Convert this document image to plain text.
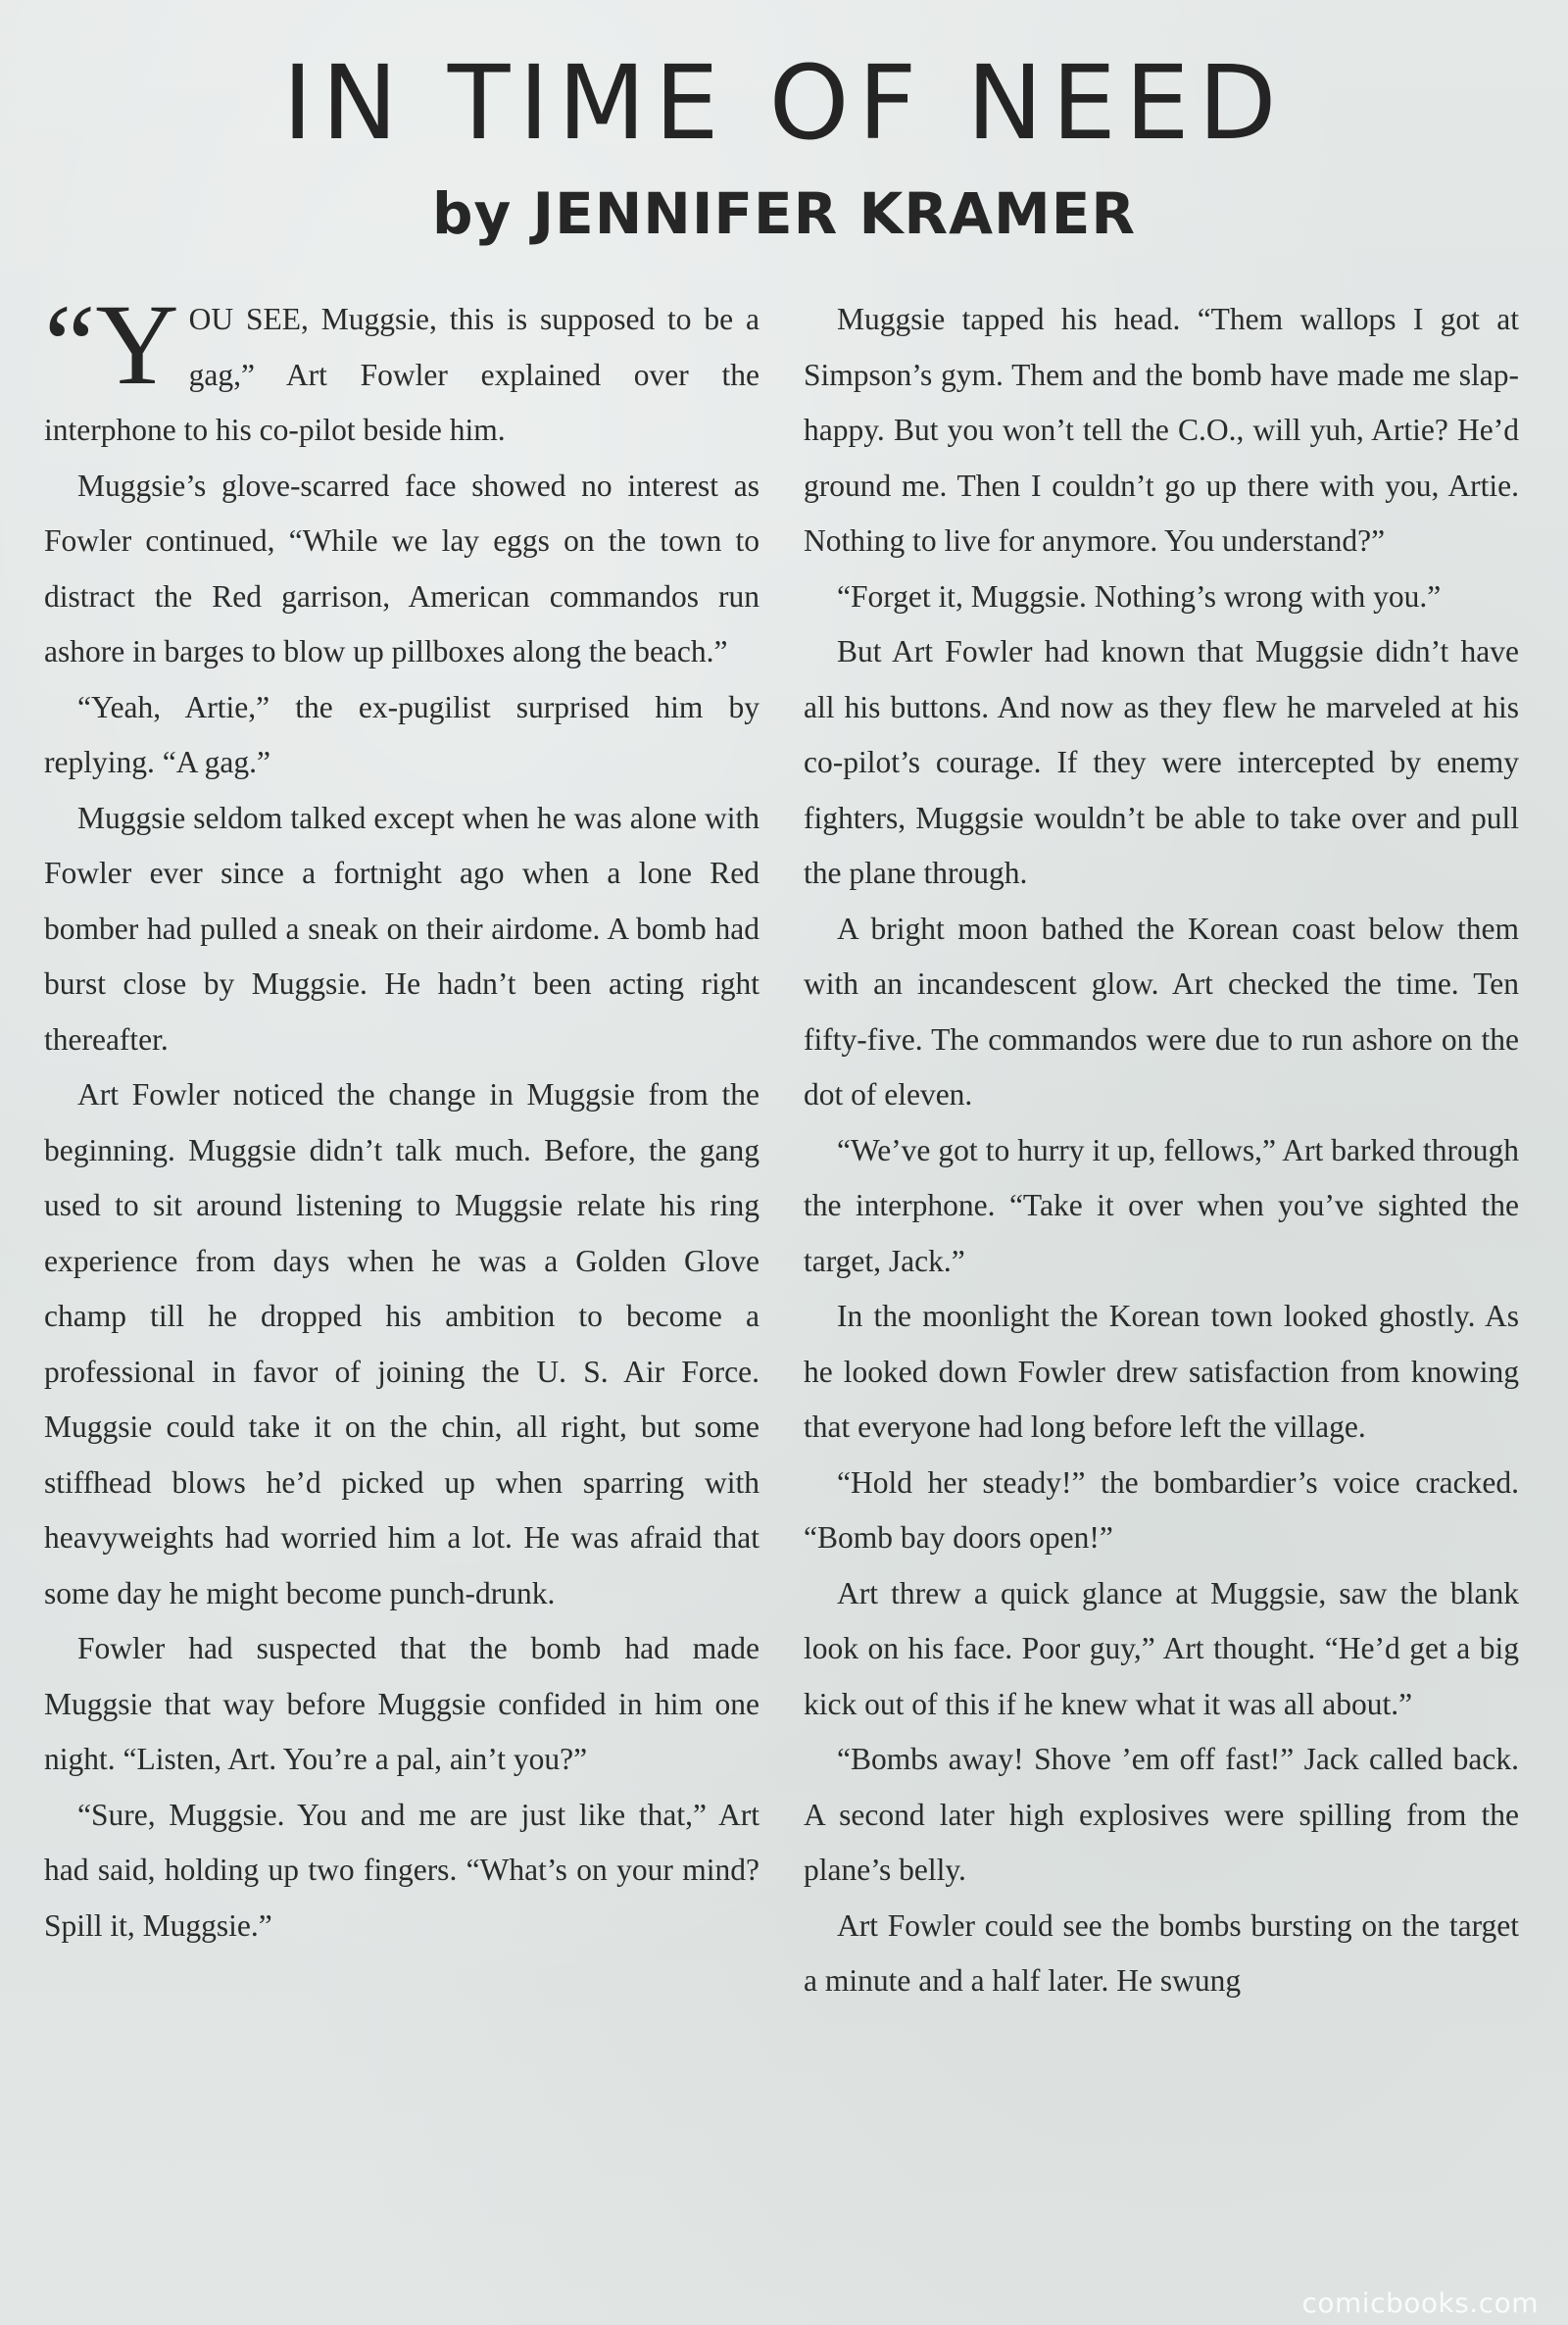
IN TIME OF NEED
by JENNIFER KRAMER

“YOU SEE, Muggsie, this is supposed to be a gag,” Art Fowler explained over the interphone to his co-pilot beside him.

Muggsie’s glove-scarred face showed no interest as Fowler continued, “While we lay eggs on the town to distract the Red garrison, American commandos run ashore in barges to blow up pillboxes along the beach.”

“Yeah, Artie,” the ex-pugilist surprised him by replying. “A gag.”

Muggsie seldom talked except when he was alone with Fowler ever since a fortnight ago when a lone Red bomber had pulled a sneak on their airdome. A bomb had burst close by Muggsie. He hadn’t been acting right thereafter.

Art Fowler noticed the change in Muggsie from the beginning. Muggsie didn’t talk much. Before, the gang used to sit around listening to Muggsie relate his ring experience from days when he was a Golden Glove champ till he dropped his ambition to become a professional in favor of joining the U. S. Air Force. Muggsie could take it on the chin, all right, but some stiffhead blows he’d picked up when sparring with heavyweights had worried him a lot. He was afraid that some day he might become punch-drunk.

Fowler had suspected that the bomb had made Muggsie that way before Muggsie confided in him one night. “Listen, Art. You’re a pal, ain’t you?”

“Sure, Muggsie. You and me are just like that,” Art had said, holding up two fingers. “What’s on your mind? Spill it, Muggsie.”

Muggsie tapped his head. “Them wallops I got at Simpson’s gym. Them and the bomb have made me slap-happy. But you won’t tell the C.O., will yuh, Artie? He’d ground me. Then I couldn’t go up there with you, Artie. Nothing to live for anymore. You understand?”

“Forget it, Muggsie. Nothing’s wrong with you.”

But Art Fowler had known that Muggsie didn’t have all his buttons. And now as they flew he marveled at his co-pilot’s courage. If they were intercepted by enemy fighters, Muggsie wouldn’t be able to take over and pull the plane through.

A bright moon bathed the Korean coast below them with an incandescent glow. Art checked the time. Ten fifty-five. The commandos were due to run ashore on the dot of eleven.

“We’ve got to hurry it up, fellows,” Art barked through the interphone. “Take it over when you’ve sighted the target, Jack.”

In the moonlight the Korean town looked ghostly. As he looked down Fowler drew satisfaction from knowing that everyone had long before left the village.

“Hold her steady!” the bombardier’s voice cracked. “Bomb bay doors open!”

Art threw a quick glance at Muggsie, saw the blank look on his face. Poor guy,” Art thought. “He’d get a big kick out of this if he knew what it was all about.”

“Bombs away! Shove ’em off fast!” Jack called back. A second later high explosives were spilling from the plane’s belly.

Art Fowler could see the bombs bursting on the target a minute and a half later. He swung

comicbooks.com
